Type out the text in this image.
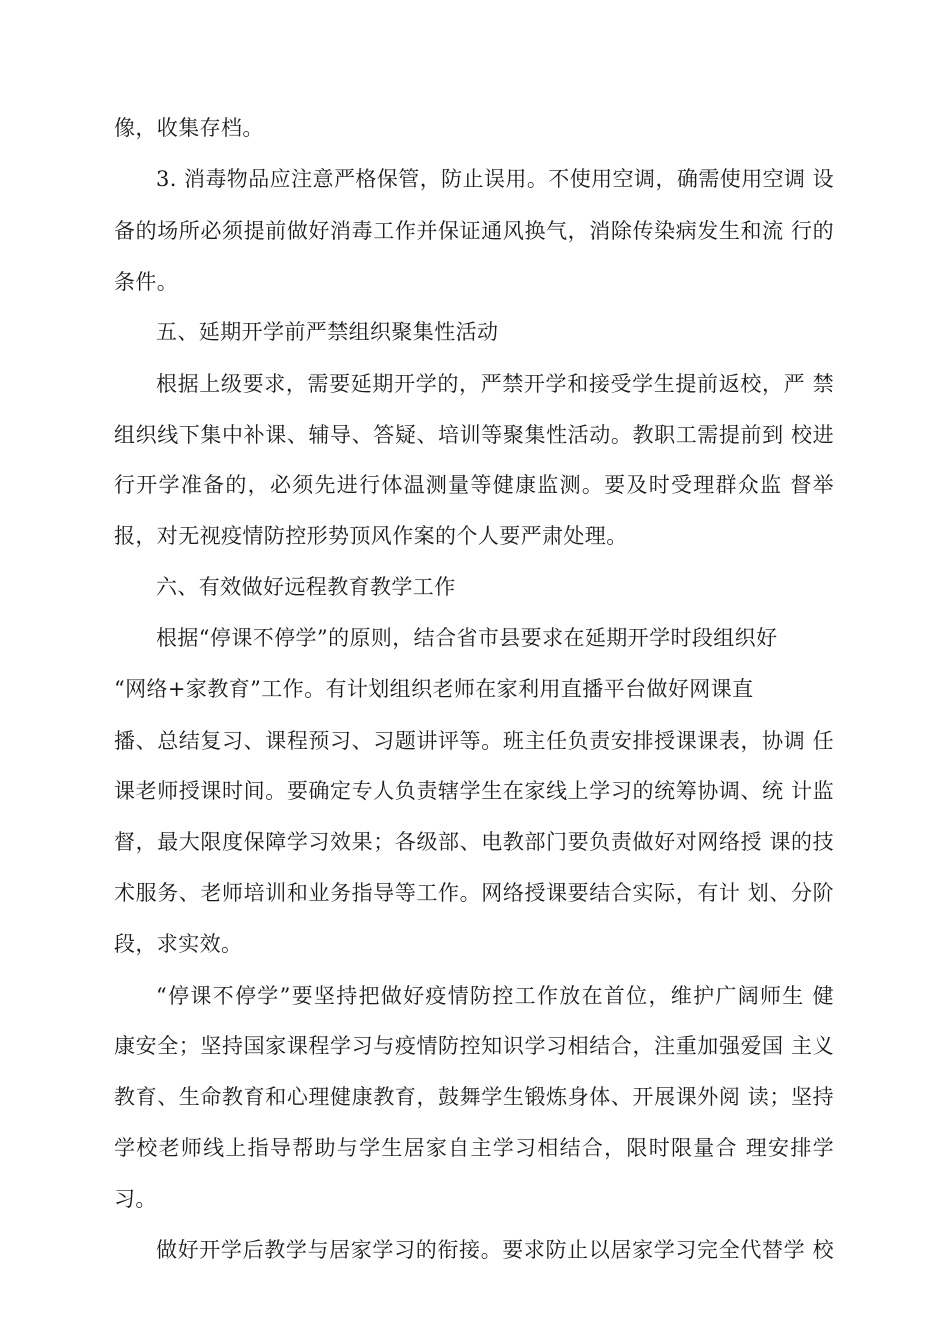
像，收集存档。
3. 消毒物品应注意严格保管，防止误用。不使用空调，确需使用空调 设
备的场所必须提前做好消毒工作并保证通风换气，消除传染病发生和流 行的
条件。
五、延期开学前严禁组织聚集性活动
根据上级要求，需要延期开学的，严禁开学和接受学生提前返校，严 禁
组织线下集中补课、辅导、答疑、培训等聚集性活动。教职工需提前到 校进
行开学准备的，必须先进行体温测量等健康监测。要及时受理群众监 督举
报，对无视疫情防控形势顶风作案的个人要严肃处理。
六、有效做好远程教育教学工作
根据“停课不停学”的原则，结合省市县要求在延期开学时段组织好
“网络+家教育”工作。有计划组织老师在家利用直播平台做好网课直
播、总结复习、课程预习、习题讲评等。班主任负责安排授课课表，协调 任
课老师授课时间。要确定专人负责辖学生在家线上学习的统筹协调、统 计监
督，最大限度保障学习效果；各级部、电教部门要负责做好对网络授 课的技
术服务、老师培训和业务指导等工作。网络授课要结合实际，有计 划、分阶
段，求实效。
“停课不停学”要坚持把做好疫情防控工作放在首位，维护广阔师生 健
康安全；坚持国家课程学习与疫情防控知识学习相结合，注重加强爱国 主义
教育、生命教育和心理健康教育，鼓舞学生锻炼身体、开展课外阅 读；坚持
学校老师线上指导帮助与学生居家自主学习相结合，限时限量合 理安排学
习。
做好开学后教学与居家学习的衔接。要求防止以居家学习完全代替学 校
